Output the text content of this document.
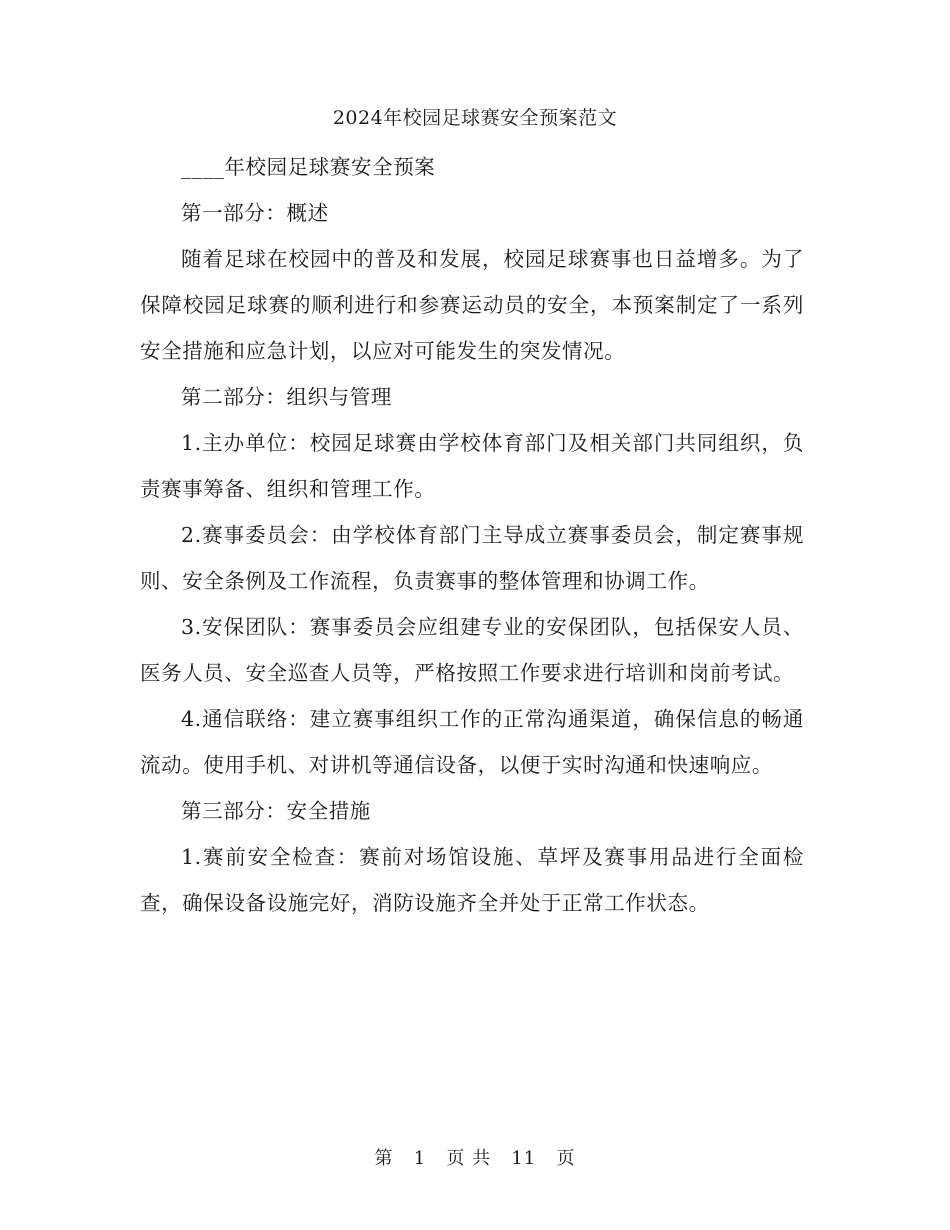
2024年校园足球赛安全预案范文

____年校园足球赛安全预案

第一部分：概述

随着足球在校园中的普及和发展，校园足球赛事也日益增多。为了保障校园足球赛的顺利进行和参赛运动员的安全，本预案制定了一系列安全措施和应急计划，以应对可能发生的突发情况。

第二部分：组织与管理

1.主办单位：校园足球赛由学校体育部门及相关部门共同组织，负责赛事筹备、组织和管理工作。

2.赛事委员会：由学校体育部门主导成立赛事委员会，制定赛事规则、安全条例及工作流程，负责赛事的整体管理和协调工作。

3.安保团队：赛事委员会应组建专业的安保团队，包括保安人员、医务人员、安全巡查人员等，严格按照工作要求进行培训和岗前考试。

4.通信联络：建立赛事组织工作的正常沟通渠道，确保信息的畅通流动。使用手机、对讲机等通信设备，以便于实时沟通和快速响应。

第三部分：安全措施

1.赛前安全检查：赛前对场馆设施、草坪及赛事用品进行全面检查，确保设备设施完好，消防设施齐全并处于正常工作状态。

第 1 页 共 11 页
